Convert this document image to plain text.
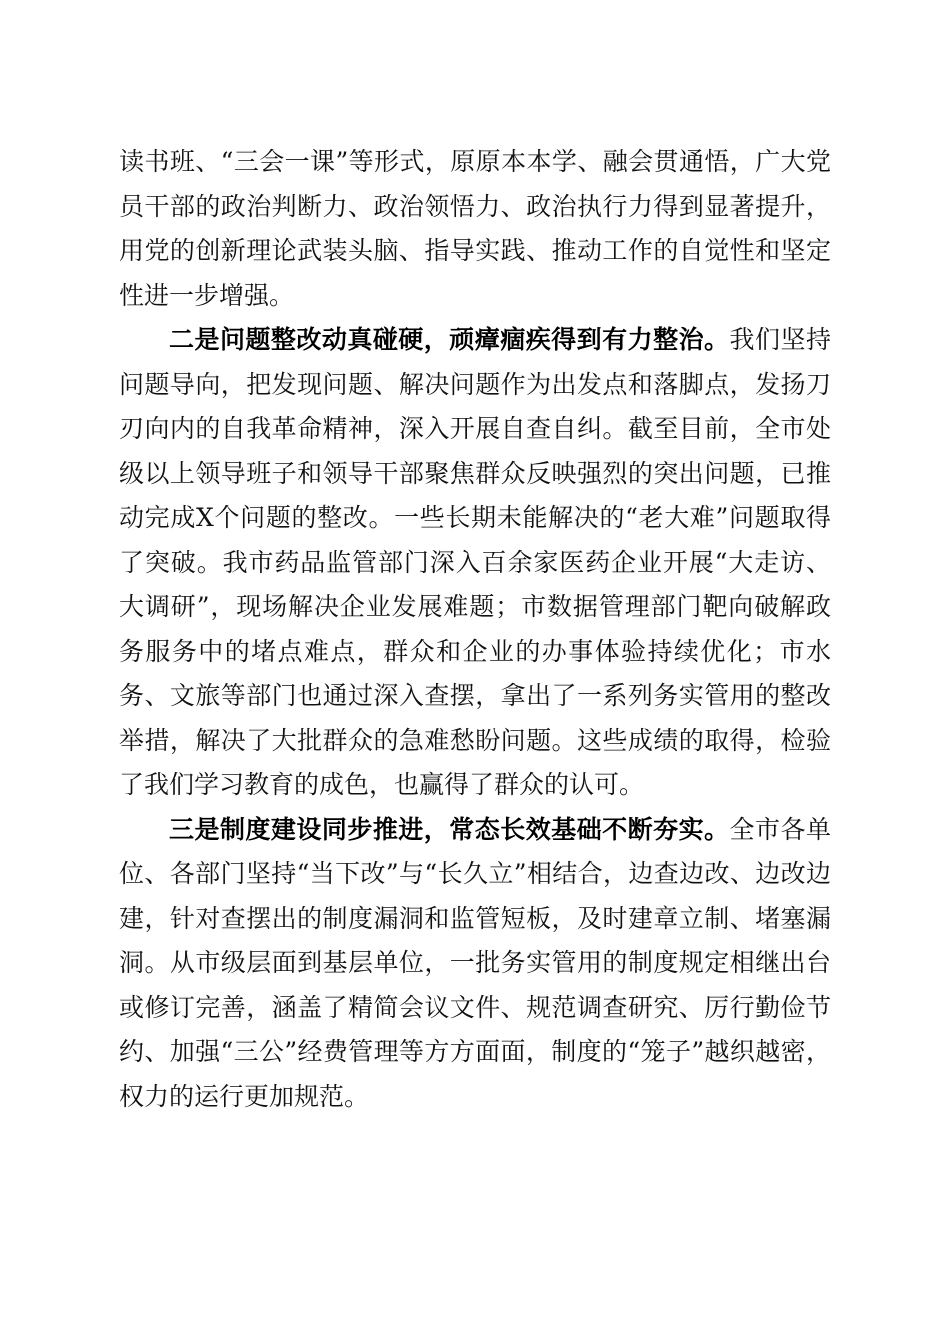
读书班、“三会一课”等形式，原原本本学、融会贯通悟，广大党员干部的政治判断力、政治领悟力、政治执行力得到显著提升，用党的创新理论武装头脑、指导实践、推动工作的自觉性和坚定性进一步增强。

二是问题整改动真碰硬，顽瘴痼疾得到有力整治。我们坚持问题导向，把发现问题、解决问题作为出发点和落脚点，发扬刀刃向内的自我革命精神，深入开展自查自纠。截至目前，全市处级以上领导班子和领导干部聚焦群众反映强烈的突出问题，已推动完成X个问题的整改。一些长期未能解决的“老大难”问题取得了突破。我市药品监管部门深入百余家医药企业开展“大走访、大调研”，现场解决企业发展难题；市数据管理部门靶向破解政务服务中的堵点难点，群众和企业的办事体验持续优化；市水务、文旅等部门也通过深入查摆，拿出了一系列务实管用的整改举措，解决了大批群众的急难愁盼问题。这些成绩的取得，检验了我们学习教育的成色，也赢得了群众的认可。

三是制度建设同步推进，常态长效基础不断夯实。全市各单位、各部门坚持“当下改”与“长久立”相结合，边查边改、边改边建，针对查摆出的制度漏洞和监管短板，及时建章立制、堵塞漏洞。从市级层面到基层单位，一批务实管用的制度规定相继出台或修订完善，涵盖了精简会议文件、规范调查研究、厉行勤俭节约、加强“三公”经费管理等方方面面，制度的“笼子”越织越密，权力的运行更加规范。
